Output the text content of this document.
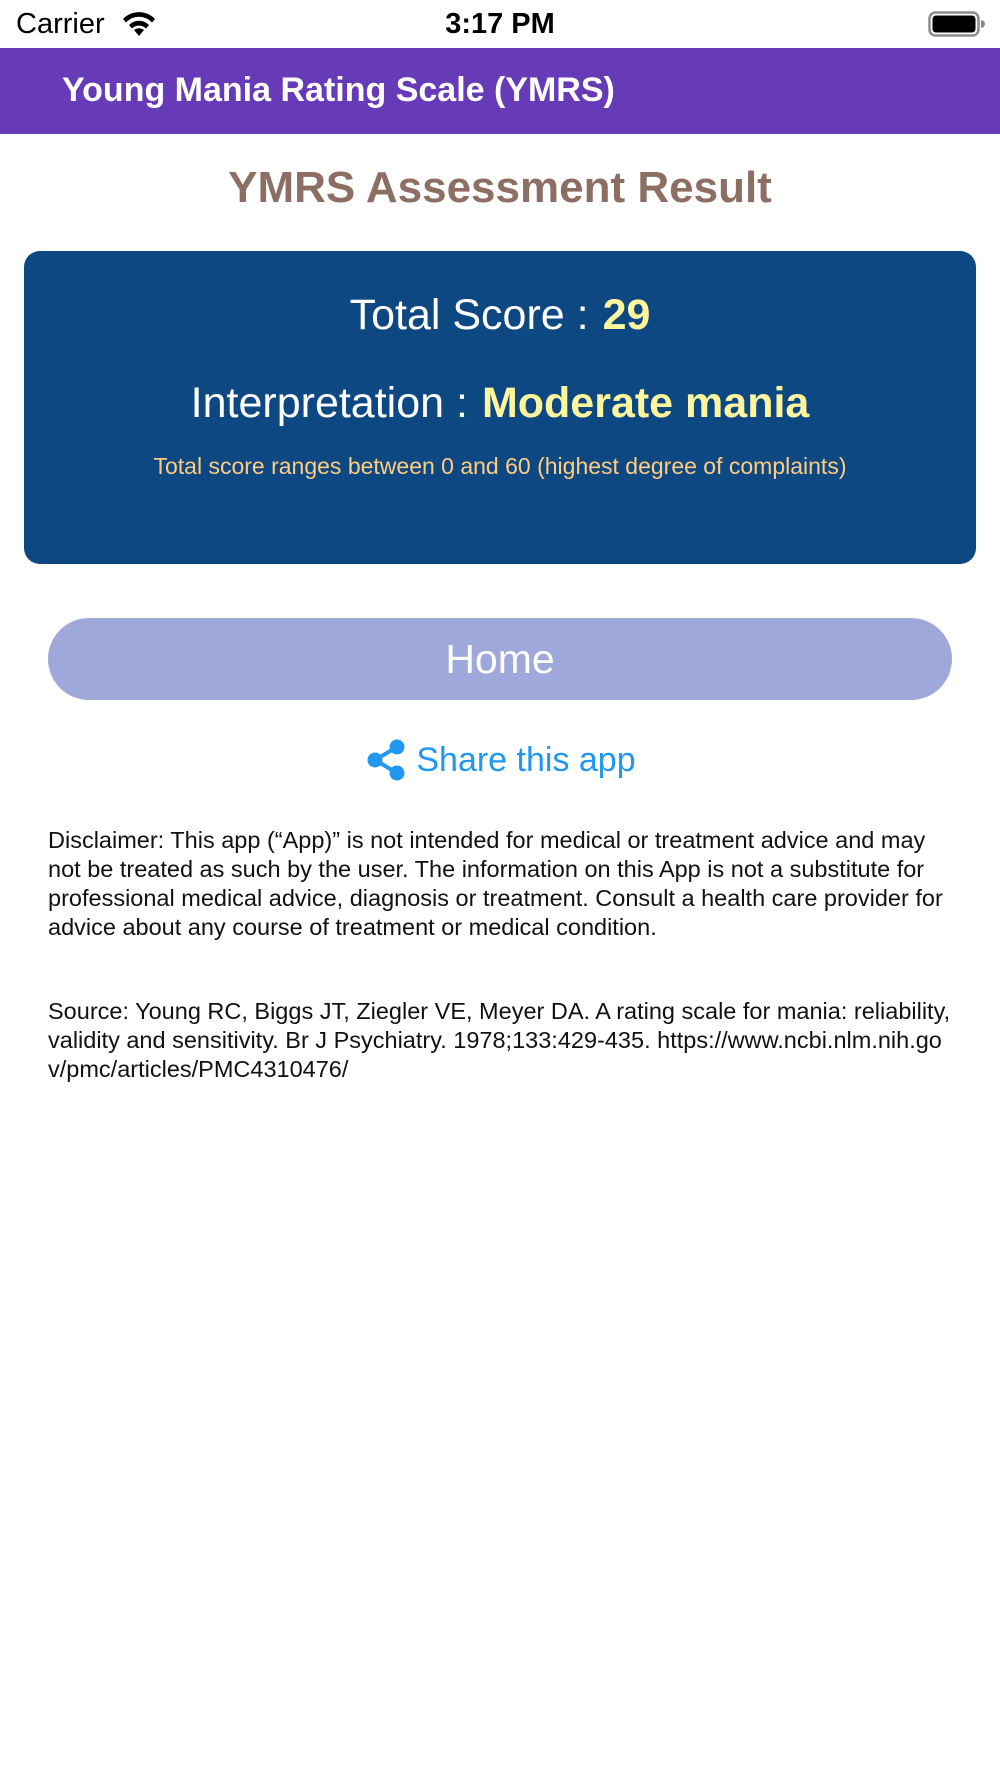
Carrier	3:17 PM
Young Mania Rating Scale (YMRS)
YMRS Assessment Result
Total Score : 29
Interpretation : Moderate mania
Total score ranges between 0 and 60 (highest degree of complaints)
Home
Share this app

Disclaimer: This app (“App)” is not intended for medical or treatment advice and may not be treated as such by the user. The information on this App is not a substitute for professional medical advice, diagnosis or treatment. Consult a health care provider for advice about any course of treatment or medical condition.

Source: Young RC, Biggs JT, Ziegler VE, Meyer DA. A rating scale for mania: reliability, validity and sensitivity. Br J Psychiatry. 1978;133:429-435. https://www.ncbi.nlm.nih.gov/pmc/articles/PMC4310476/
